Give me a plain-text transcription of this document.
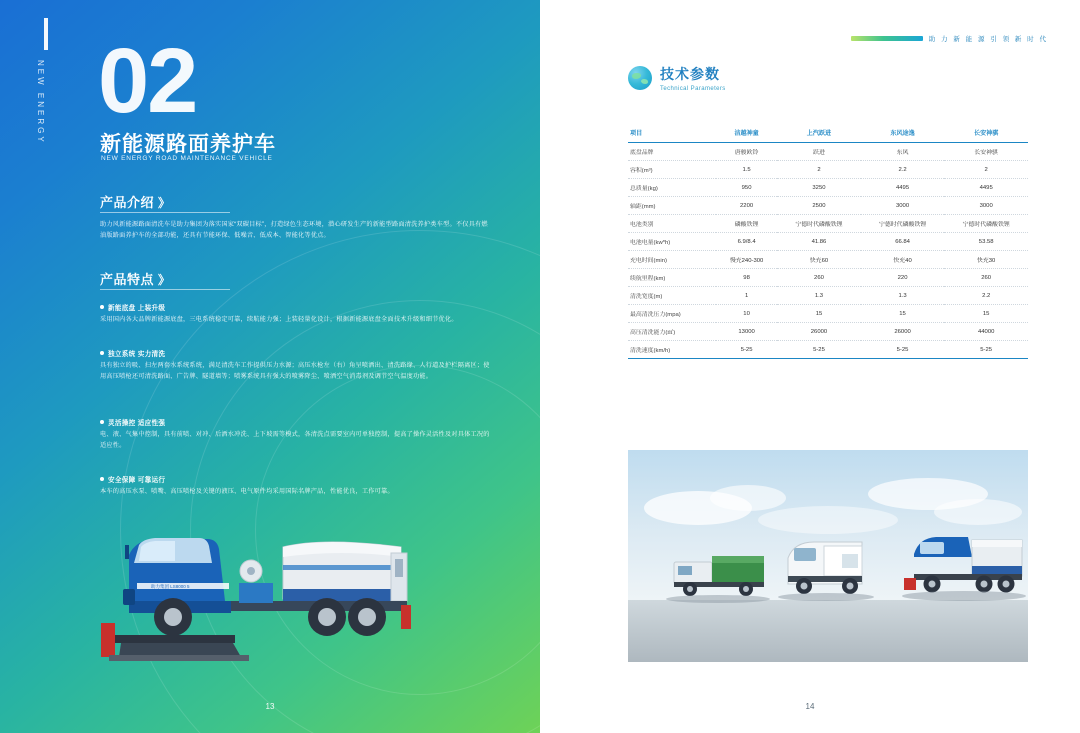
NEW ENERGY 02
新能源路面养护车
NEW ENERGY ROAD MAINTENANCE VEHICLE
产品介绍 》
助力风新能源路面清洗车是助力集团为落实国家“双碳目标”，打造绿色生态环境，潜心研发生产的新能型路面清洗养护类车型。不仅具有燃油版路面养护车的全部功能，还具有节能环保、低噪音、低成本、智能化等优点。
产品特点 》
新能底盘 上装升级
采用国内各大品牌新能源底盘，三电系统稳定可靠，续航能力强；上装轻量化设计，根据新能源底盘全面技术升级和细节优化。
独立系统 实力清洗
具有独立的吸、扫左两套水系统系统，满足清洗车工作提供压力水源；高压水枪左（右）角呈喷洒出、清洗路缘、人行道及护栏隔离区；使用高压喷枪还可清洗路面、广告牌、隧道墙等；喷雾系统具有强大的喷雾降尘、喷洒空气消毒剂及调节空气温度功能。
灵活操控 适应性强
电、液、气集中控制，具有前喷、对冲、后洒水冲洗、上下坡需等模式，各清洗点需要室内可单独控制，提高了操作灵活性及对具体工况的适应性。
安全保障 可靠运行
本车的高压水泵、喷嘴、高压喷枪及关键的液压、电气原件均采用国际名牌产品，性能优良，工作可靠。
助力集团 LS8000 5
13
助 力 新 能 源 引 领 新 时 代
技术参数
Technical Parameters
项目	洁越神童	上汽跃进	东风途逸	长安神骐
底盘品牌	唐骏欧铃	跃进	东风	长安神骐
容积(m³)	1.5	2	2.2	2
总质量(kg)	950	3250	4495	4495
轴距(mm)	2200	2500	3000	3000
电池类别	磷酸铁锂	宁德时代磷酸铁锂	宁德时代磷酸铁锂	宁德时代磷酸铁锂
电池电量(kw*h)	6.9/8.4	41.86	66.84	53.58
充电时间(min)	慢充240-300	快充60	快充40	快充30
续航里程(km)	98	260	220	260
清洗宽度(m)	1	1.3	1.3	2.2
最高清洗压力(mpa)	10	15	15	15
高压清洗能力(㎡)	13000	26000	26000	44000
清洗速度(km/h)	5-25	5-25	5-25	5-25
14
